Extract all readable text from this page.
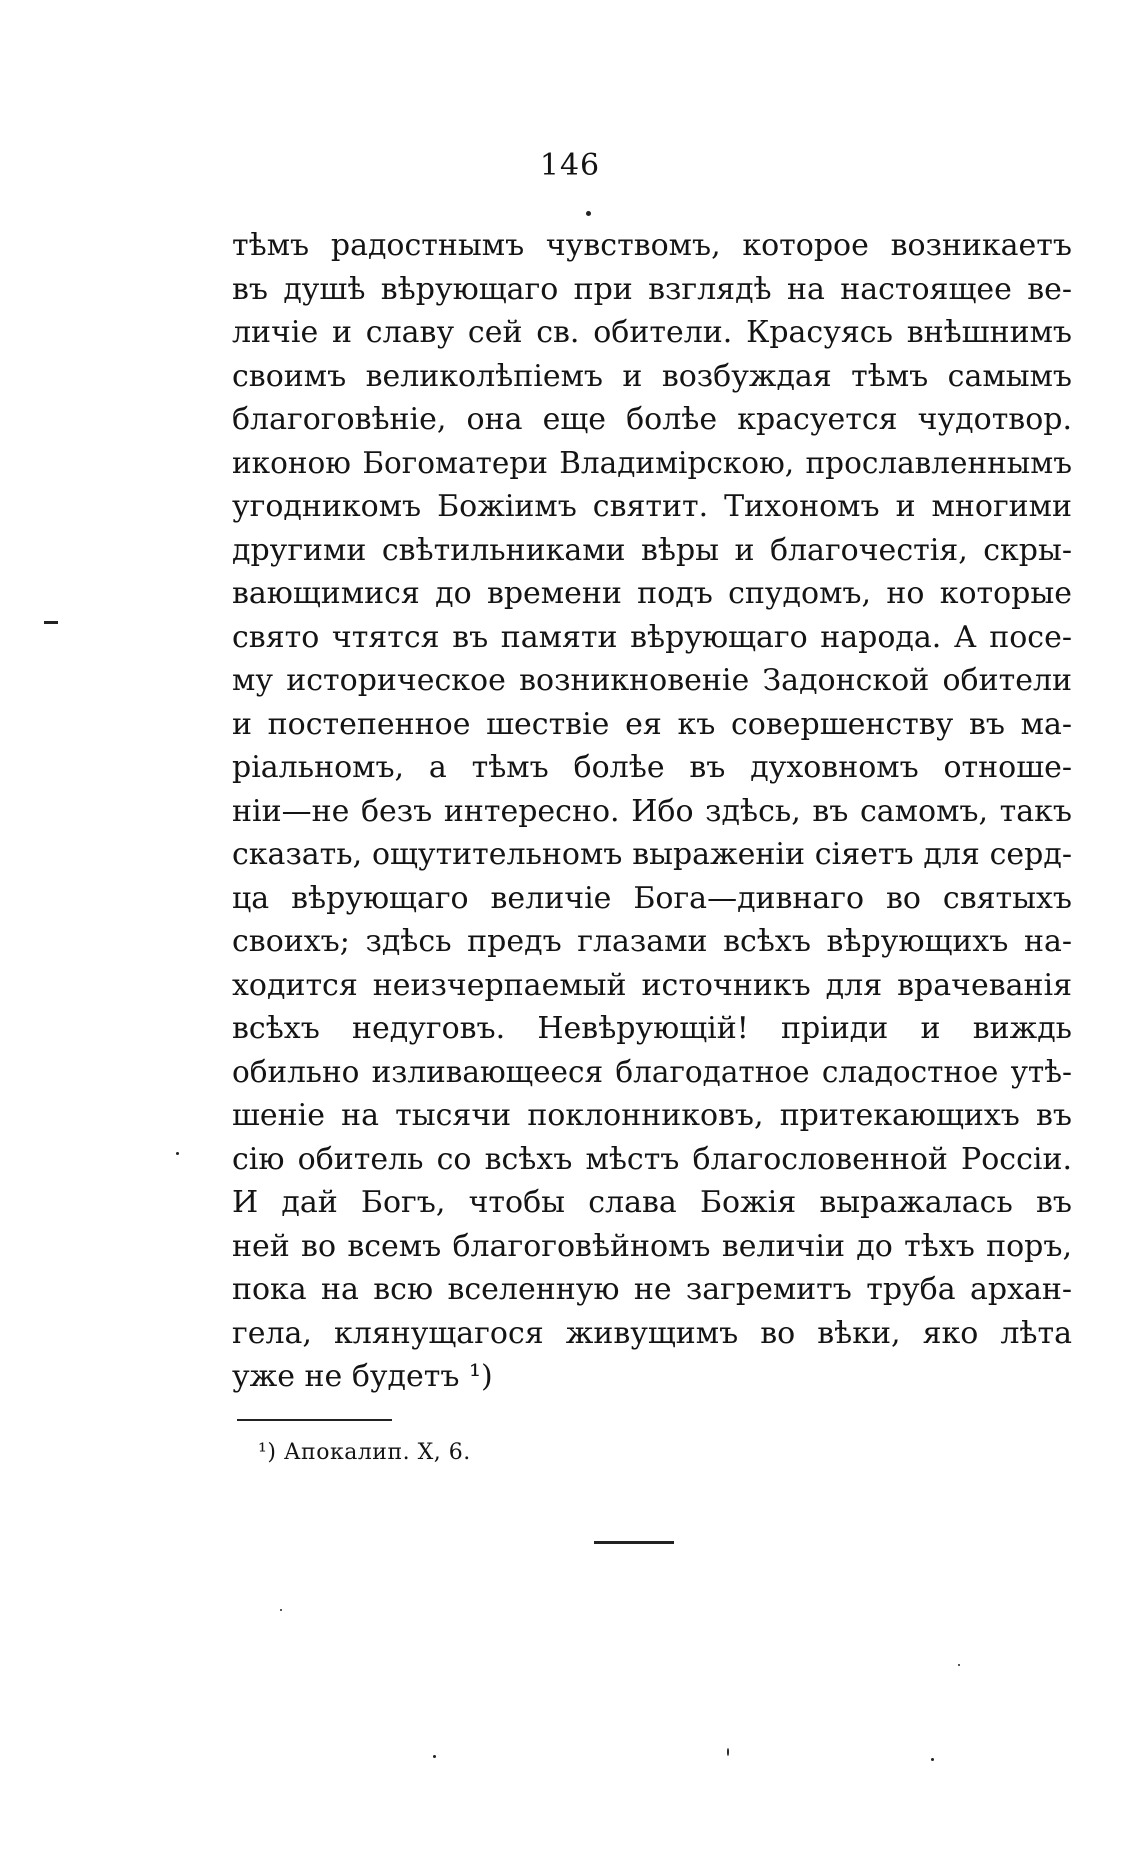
146
тѣмъ радостнымъ чувствомъ, которое возникаетъ
въ душѣ вѣрующаго при взглядѣ на настоящее ве-
личіе и славу сей св. обители. Красуясь внѣшнимъ
своимъ великолѣпіемъ и возбуждая тѣмъ самымъ
благоговѣніе, она еще болѣе красуется чудотвор.
иконою Богоматери Владимірскою, прославленнымъ
угодникомъ Божіимъ святит. Тихономъ и многими
другими свѣтильниками вѣры и благочестія, скры-
вающимися до времени подъ спудомъ, но которые
свято чтятся въ памяти вѣрующаго народа. А посе-
му историческое возникновеніе Задонской обители
и постепенное шествіе ея къ совершенству въ ма-
ріальномъ, а тѣмъ болѣе въ духовномъ отноше-
ніи—не безъ интересно. Ибо здѣсь, въ самомъ, такъ
сказать, ощутительномъ выраженіи сіяетъ для серд-
ца вѣрующаго величіе Бога—дивнаго во святыхъ
своихъ; здѣсь предъ глазами всѣхъ вѣрующихъ на-
ходится неизчерпаемый источникъ для врачеванія
всѣхъ недуговъ. Невѣрующій! пріиди и виждь
обильно изливающееся благодатное сладостное утѣ-
шеніе на тысячи поклонниковъ, притекающихъ въ
сію обитель со всѣхъ мѣстъ благословенной Россіи.
И дай Богъ, чтобы слава Божія выражалась въ
ней во всемъ благоговѣйномъ величіи до тѣхъ поръ,
пока на всю вселенную не загремитъ труба архан-
гела, клянущагося живущимъ во вѣки, яко лѣта
уже не будетъ ¹)
¹) Апокалип. X, 6.
